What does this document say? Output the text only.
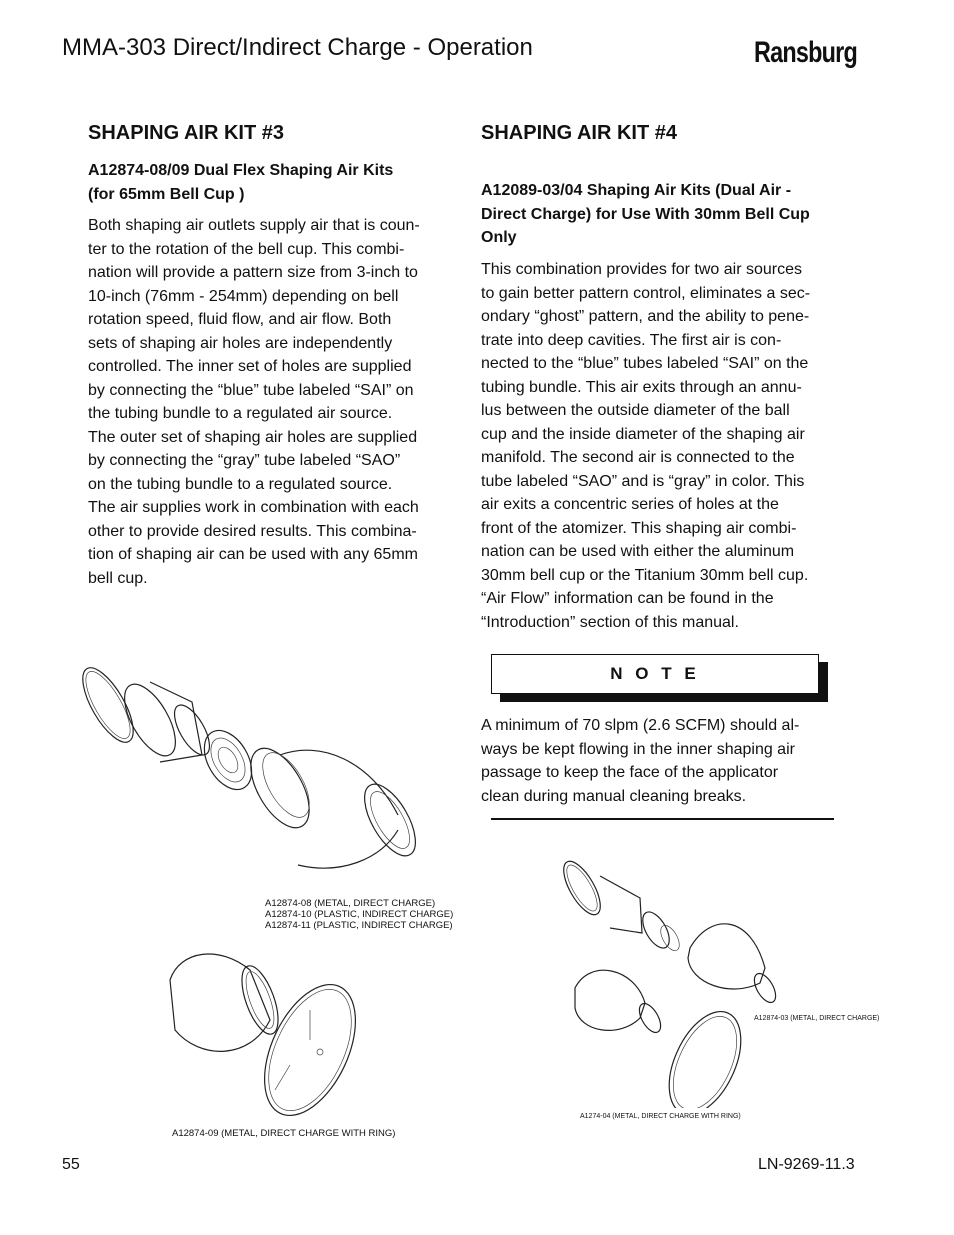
MMA-303 Direct/Indirect Charge - Operation	Ransburg
SHAPING AIR KIT #3
A12874-08/09 Dual Flex Shaping Air Kits
(for 65mm Bell Cup )
Both shaping air outlets supply air that is coun-
ter to the rotation of the bell cup. This combi-
nation will provide a pattern size from 3-inch to
10-inch (76mm - 254mm) depending on bell
rotation speed, fluid flow, and air flow. Both
sets of shaping air holes are independently
controlled. The inner set of holes are supplied
by connecting the “blue” tube labeled “SAI” on
the tubing bundle to a regulated air source.
The outer set of shaping air holes are supplied
by connecting the “gray” tube labeled “SAO”
on the tubing bundle to a regulated source.
The air supplies work in combination with each
other to provide desired results. This combina-
tion of shaping air can be used with any 65mm
bell cup.
SHAPING AIR KIT #4
A12089-03/04 Shaping Air Kits (Dual Air -
Direct Charge) for Use With 30mm Bell Cup
Only
This combination provides for two air sources
to gain better pattern control, eliminates a sec-
ondary “ghost” pattern, and the ability to pene-
trate into deep cavities. The first air is con-
nected to the “blue” tubes labeled “SAI” on the
tubing bundle. This air exits through an annu-
lus between the outside diameter of the ball
cup and the inside diameter of the shaping air
manifold. The second air is connected to the
tube labeled “SAO” and is “gray” in color. This
air exits a concentric series of holes at the
front of the atomizer. This shaping air combi-
nation can be used with either the aluminum
30mm bell cup or the Titanium 30mm bell cup.
“Air Flow” information can be found in the
“Introduction” section of this manual.
N O T E
A minimum of 70 slpm (2.6 SCFM) should al-
ways be kept flowing in the inner shaping air
passage to keep the face of the applicator
clean during manual cleaning breaks.
A12874-08 (METAL, DIRECT CHARGE)
A12874-10 (PLASTIC, INDIRECT CHARGE)
A12874-11 (PLASTIC, INDIRECT CHARGE)
A12874-09 (METAL, DIRECT CHARGE WITH RING)
A12874-03 (METAL, DIRECT CHARGE)
A1274-04 (METAL, DIRECT CHARGE WITH RING)
55	LN-9269-11.3
